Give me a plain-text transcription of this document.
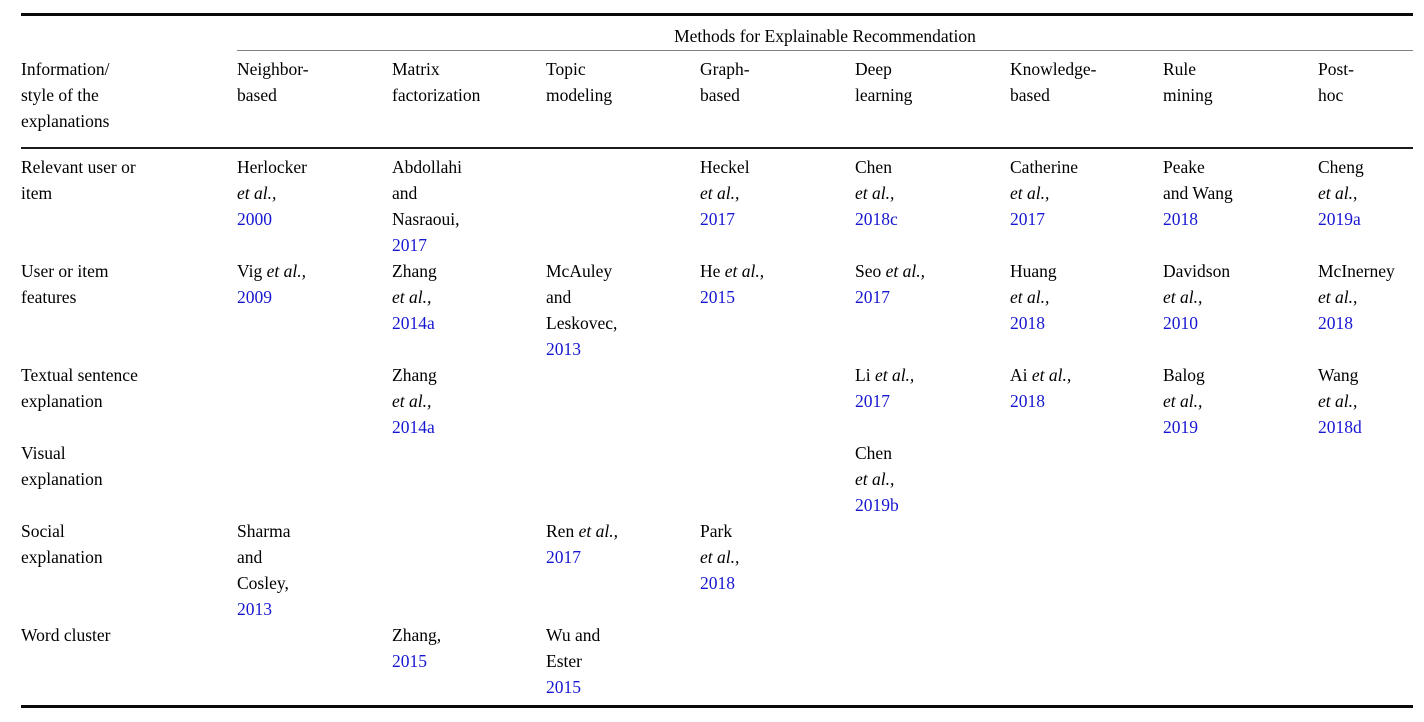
Methods for Explainable Recommendation
Information/
style of the
explanations
Neighbor-
based
Matrix
factorization
Topic
modeling
Graph-
based
Deep
learning
Knowledge-
based
Rule
mining
Post-
hoc
Relevant user or
item
Herlocker
et al.,
2000
Abdollahi
and
Nasraoui,
2017
Heckel
et al.,
2017
Chen
et al.,
2018c
Catherine
et al.,
2017
Peake
and Wang
2018
Cheng
et al.,
2019a
User or item
features
Vig et al.,
2009
Zhang
et al.,
2014a
McAuley
and
Leskovec,
2013
He et al.,
2015
Seo et al.,
2017
Huang
et al.,
2018
Davidson
et al.,
2010
McInerney
et al.,
2018
Textual sentence
explanation
Zhang
et al.,
2014a
Li et al.,
2017
Ai et al.,
2018
Balog
et al.,
2019
Wang
et al.,
2018d
Visual
explanation
Chen
et al.,
2019b
Social
explanation
Sharma
and
Cosley,
2013
Ren et al.,
2017
Park
et al.,
2018
Word cluster	Zhang,
2015
Wu and
Ester
2015
